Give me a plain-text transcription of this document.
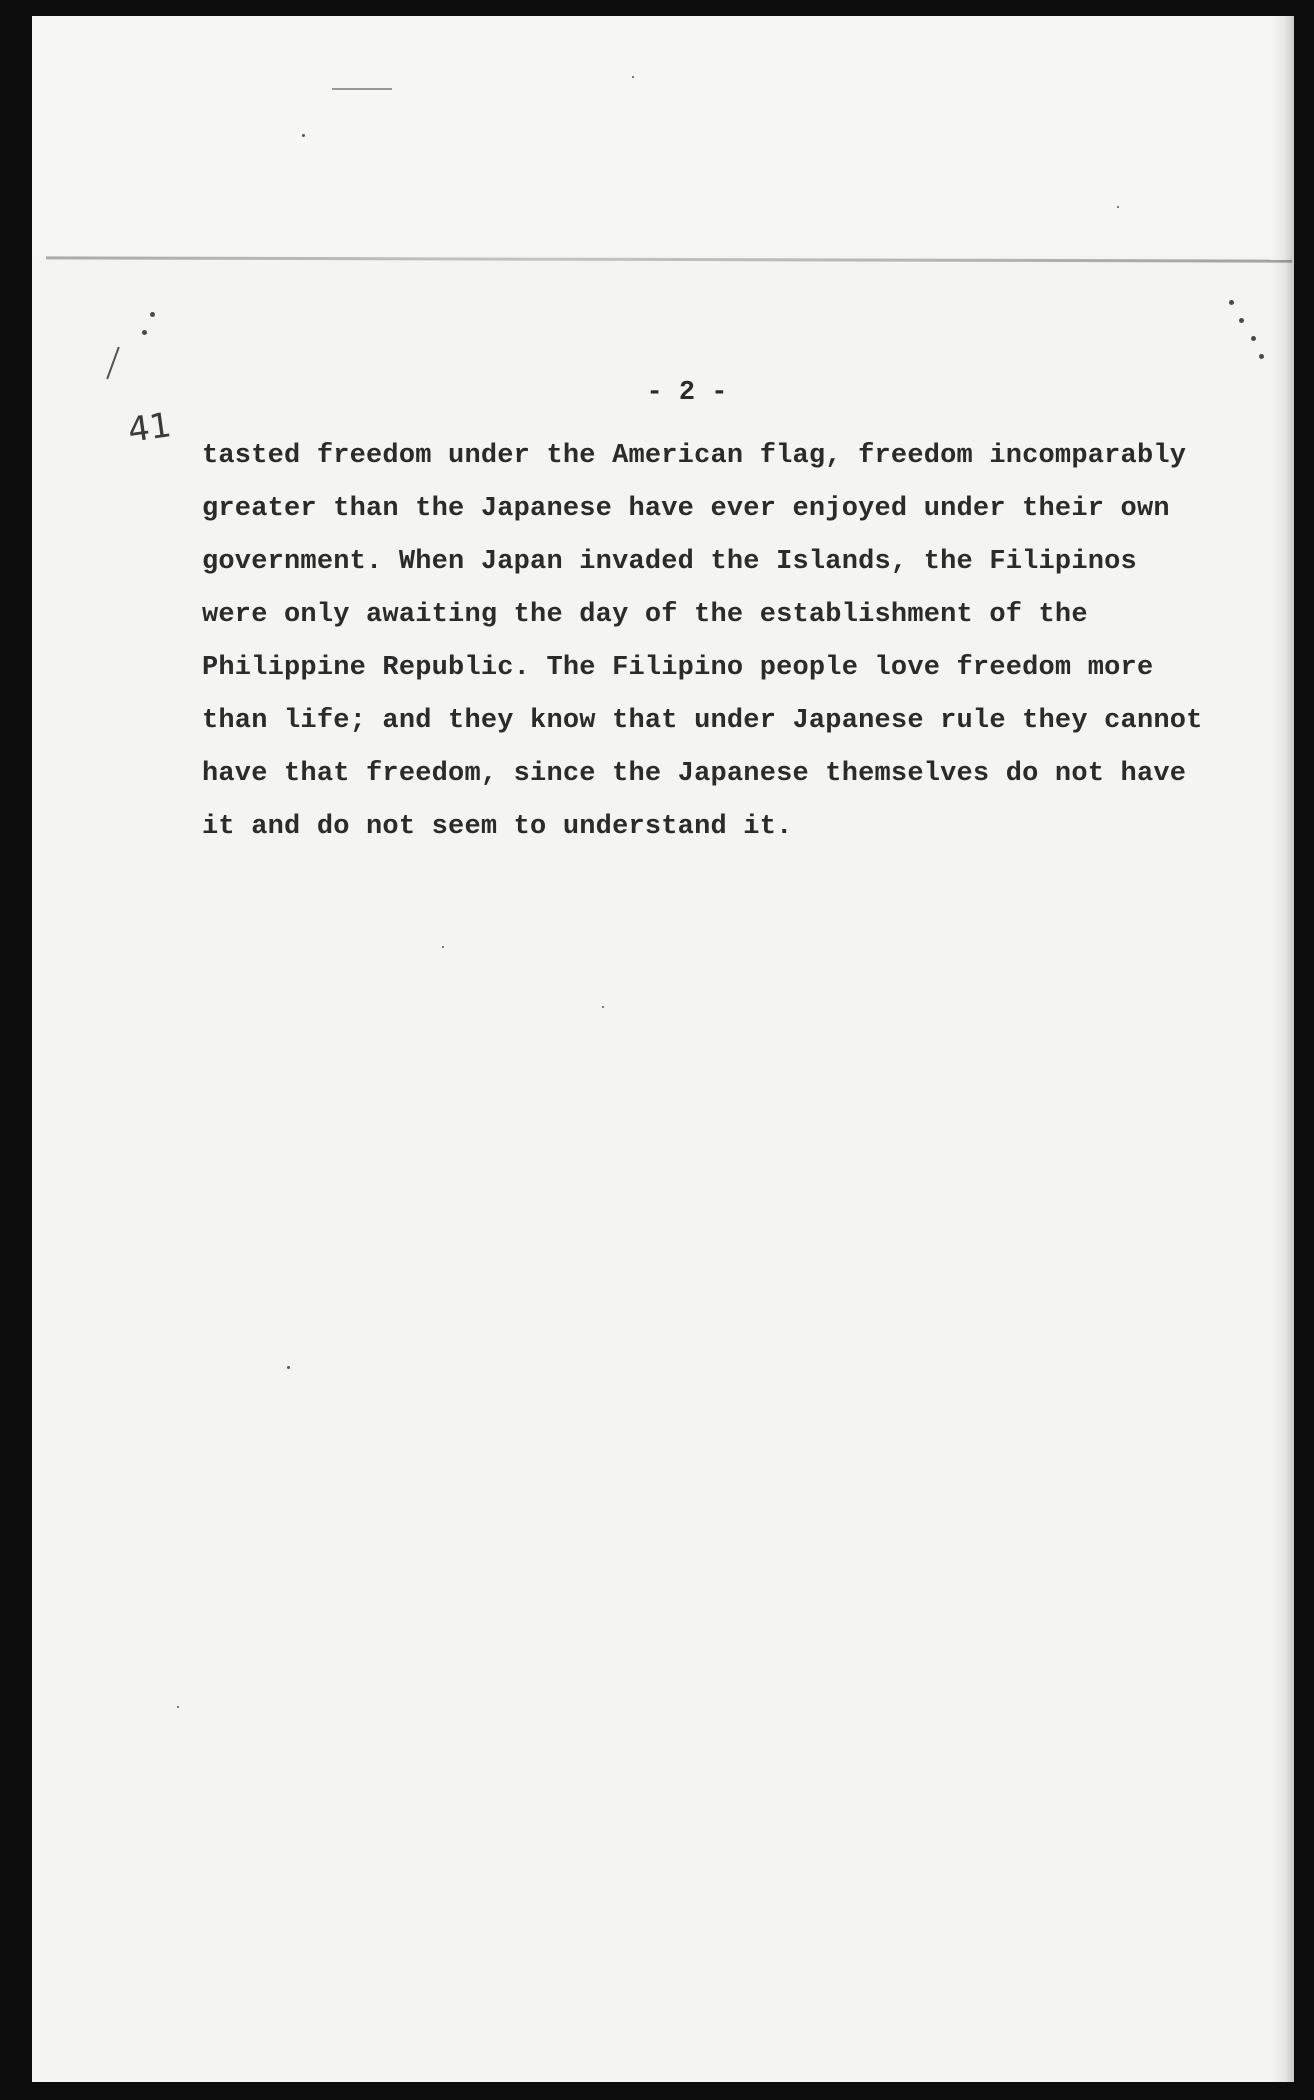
41
- 2 -
tasted freedom under the American flag, freedom incomparably
greater than the Japanese have ever enjoyed under their own
government. When Japan invaded the Islands, the Filipinos
were only awaiting the day of the establishment of the
Philippine Republic. The Filipino people love freedom more
than life; and they know that under Japanese rule they cannot
have that freedom, since the Japanese themselves do not have
it and do not seem to understand it.
